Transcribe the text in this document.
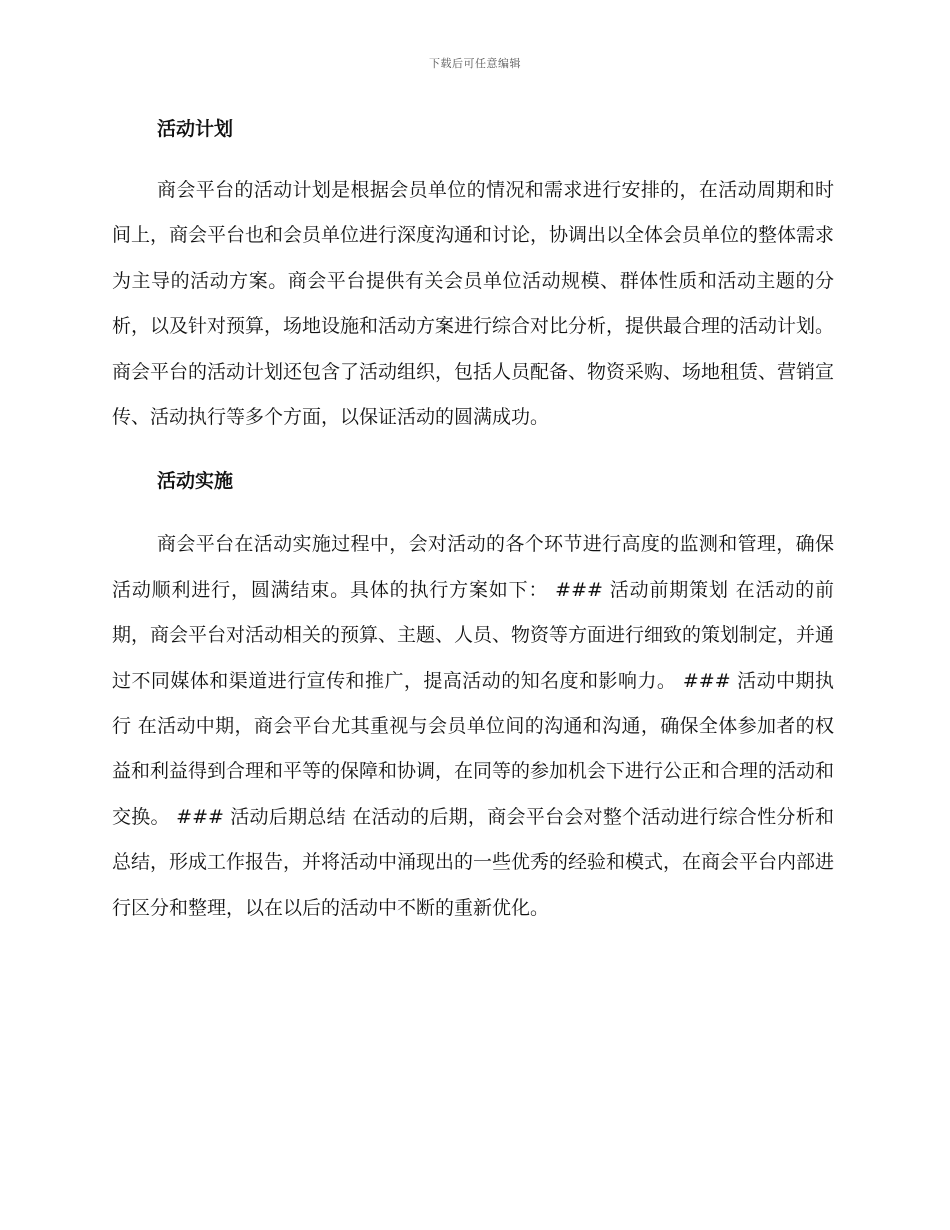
下载后可任意编辑
活动计划

商会平台的活动计划是根据会员单位的情况和需求进行安排的，在活动周期和时间上，商会平台也和会员单位进行深度沟通和讨论，协调出以全体会员单位的整体需求为主导的活动方案。商会平台提供有关会员单位活动规模、群体性质和活动主题的分析，以及针对预算，场地设施和活动方案进行综合对比分析，提供最合理的活动计划。 商会平台的活动计划还包含了活动组织，包括人员配备、物资采购、场地租赁、营销宣传、活动执行等多个方面，以保证活动的圆满成功。

活动实施

商会平台在活动实施过程中，会对活动的各个环节进行高度的监测和管理，确保活动顺利进行，圆满结束。具体的执行方案如下： ### 活动前期策划 在活动的前期，商会平台对活动相关的预算、主题、人员、物资等方面进行细致的策划制定，并通过不同媒体和渠道进行宣传和推广，提高活动的知名度和影响力。 ### 活动中期执行 在活动中期，商会平台尤其重视与会员单位间的沟通和沟通，确保全体参加者的权益和利益得到合理和平等的保障和协调，在同等的参加机会下进行公正和合理的活动和交换。 ### 活动后期总结 在活动的后期，商会平台会对整个活动进行综合性分析和总结，形成工作报告，并将活动中涌现出的一些优秀的经验和模式，在商会平台内部进行区分和整理，以在以后的活动中不断的重新优化。
